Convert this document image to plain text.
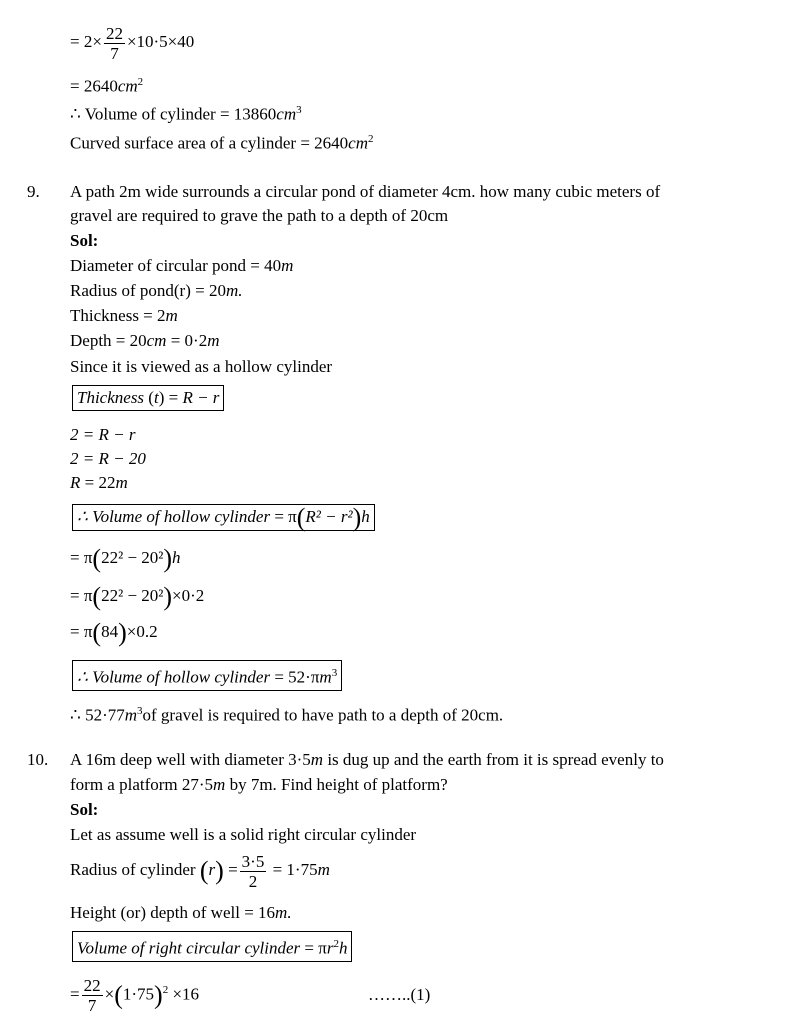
= $2\times \frac{22}{7} \times 10\cdot 5\times 40$
= $2640cm^2$
∴ Volume of cylinder = $13860cm^3$
Curved surface area of a cylinder = $2640cm^2$
9. A path 2m wide surrounds a circular pond of diameter 4cm. how many cubic meters of
gravel are required to grave the path to a depth of 20cm
Sol:
Diameter of circular pond = 40m
Radius of pond(r) = 20m.
Thickness = 2m
Depth = 20cm = 0·2m
Since it is viewed as a hollow cylinder
Thickness (t) = R − r
2 = R − r
2 = R − 20
R = 22m
∴ Volume of hollow cylinder = π(R² − r²)h
= π(22² − 20²)h
= π(22² − 20²)×0·2
= π(84)×0.2
∴ Volume of hollow cylinder = $52\cdot\pi m^3$
∴ $52\cdot 77m^3of$ gravel is required to have path to a depth of 20cm.
10. A 16m deep well with diameter 3·5m is dug up and the earth from it is spread evenly to
form a platform 27·5m by 7m. Find height of platform?
Sol:
Let as assume well is a solid right circular cylinder
Radius of cylinder $(r) = \frac{3\cdot 5}{2} = 1\cdot 75m$
Height (or) depth of well = 16m.
Volume of right circular cylinder = $\pi r^2h$
= $\frac{22}{7} \times(1\cdot 75)^2 \times 16$	……..(1)
